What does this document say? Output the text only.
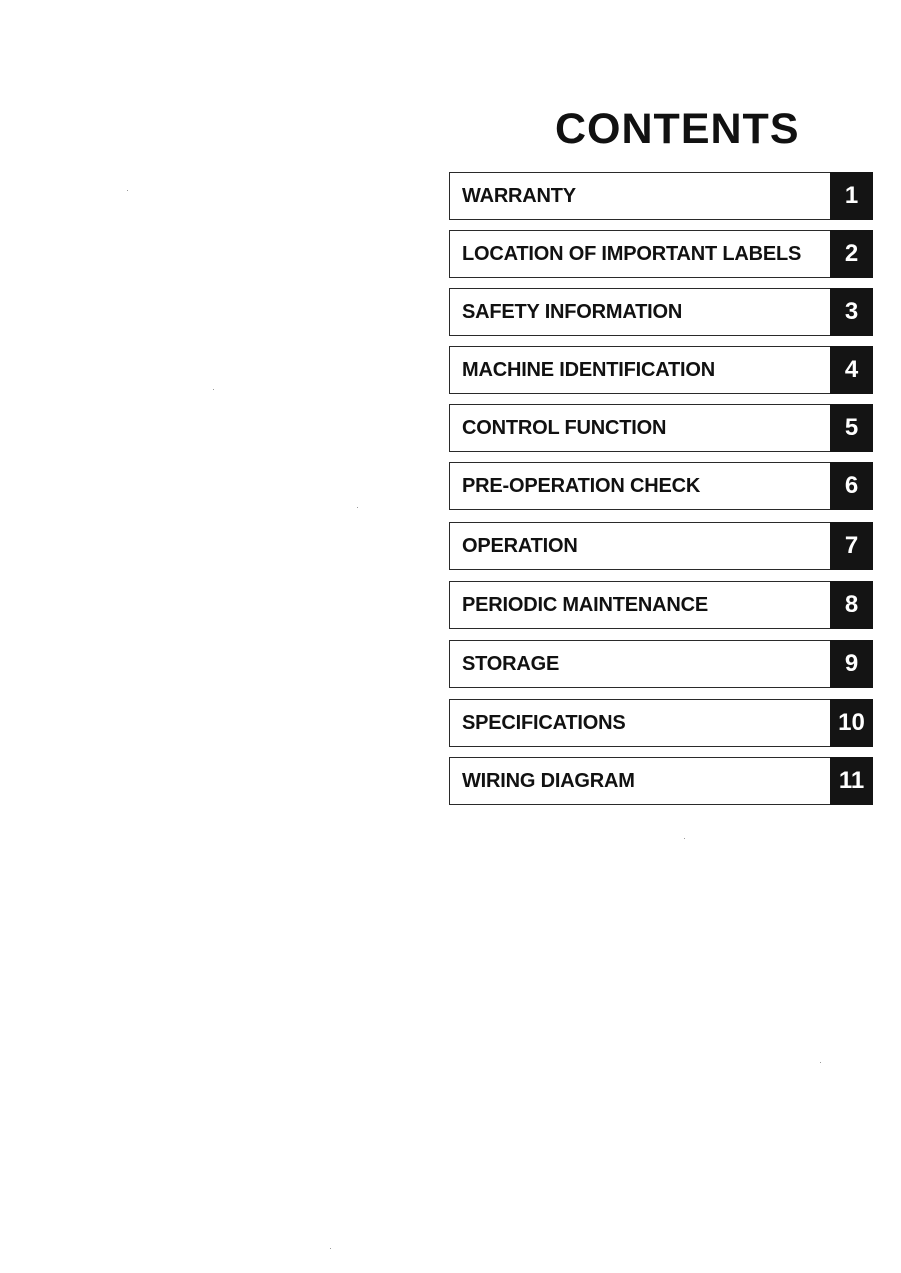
CONTENTS
WARRANTY	1
LOCATION OF IMPORTANT LABELS	2
SAFETY INFORMATION	3
MACHINE IDENTIFICATION	4
CONTROL FUNCTION	5
PRE-OPERATION CHECK	6
OPERATION	7
PERIODIC MAINTENANCE	8
STORAGE	9
SPECIFICATIONS	10
WIRING DIAGRAM	11
